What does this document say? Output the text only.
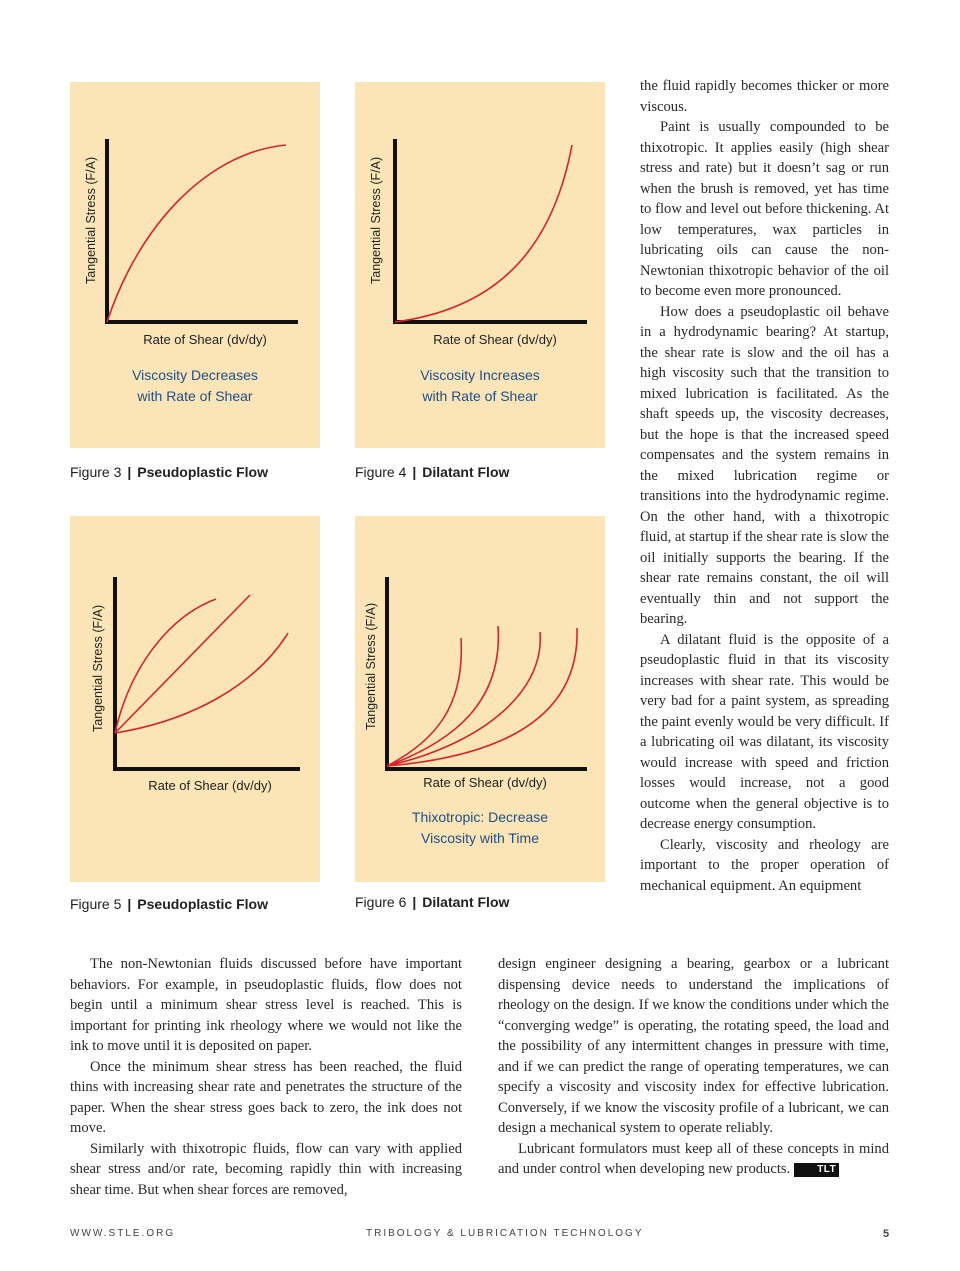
Tangential Stress (F/A)
Rate of Shear (dv/dy)
Viscosity Decreases
with Rate of Shear
Tangential Stress (F/A)
Rate of Shear (dv/dy)
Viscosity Increases
with Rate of Shear
Figure 3 | Pseudoplastic Flow	Figure 4 | Dilatant Flow
Tangential Stress (F/A)
Rate of Shear (dv/dy)
Tangential Stress (F/A)
Rate of Shear (dv/dy)
Thixotropic: Decrease
Viscosity with Time
Figure 5 | Pseudoplastic Flow	Figure 6 | Dilatant Flow

the fluid rapidly becomes thicker or more viscous.

Paint is usually compounded to be thixotropic. It applies easily (high shear stress and rate) but it doesn’t sag or run when the brush is removed, yet has time to flow and level out before thickening. At low temperatures, wax particles in lubricating oils can cause the non-Newtonian thixotropic behavior of the oil to become even more pronounced.

How does a pseudoplastic oil behave in a hydrodynamic bearing? At startup, the shear rate is slow and the oil has a high viscosity such that the transition to mixed lubrication is facilitated. As the shaft speeds up, the viscosity decreases, but the hope is that the increased speed compensates and the system remains in the mixed lubrication regime or transitions into the hydrodynamic regime. On the other hand, with a thixotropic fluid, at startup if the shear rate is slow the oil initially supports the bearing. If the shear rate remains constant, the oil will eventually thin and not support the bearing.

A dilatant fluid is the opposite of a pseudoplastic fluid in that its viscosity increases with shear rate. This would be very bad for a paint system, as spreading the paint evenly would be very difficult. If a lubricating oil was dilatant, its viscosity would increase with speed and friction losses would increase, not a good outcome when the general objective is to decrease energy consumption.

Clearly, viscosity and rheology are important to the proper operation of mechanical equipment. An equipment

The non-Newtonian fluids discussed before have important behaviors. For example, in pseudoplastic fluids, flow does not begin until a minimum shear stress level is reached. This is important for printing ink rheology where we would not like the ink to move until it is deposited on paper.

Once the minimum shear stress has been reached, the fluid thins with increasing shear rate and penetrates the structure of the paper. When the shear stress goes back to zero, the ink does not move.

Similarly with thixotropic fluids, flow can vary with applied shear stress and/or rate, becoming rapidly thin with increasing shear time. But when shear forces are removed,

design engineer designing a bearing, gearbox or a lubricant dispensing device needs to understand the implications of rheology on the design. If we know the conditions under which the “converging wedge” is operating, the rotating speed, the load and the possibility of any intermittent changes in pressure with time, and if we can predict the range of operating temperatures, we can specify a viscosity and viscosity index for effective lubrication. Conversely, if we know the viscosity profile of a lubricant, we can design a mechanical system to operate reliably.

Lubricant formulators must keep all of these concepts in mind and under control when developing new products.	TLT

WWW.STLE.ORG	TRIBOLOGY & LUBRICATION TECHNOLOGY	5
